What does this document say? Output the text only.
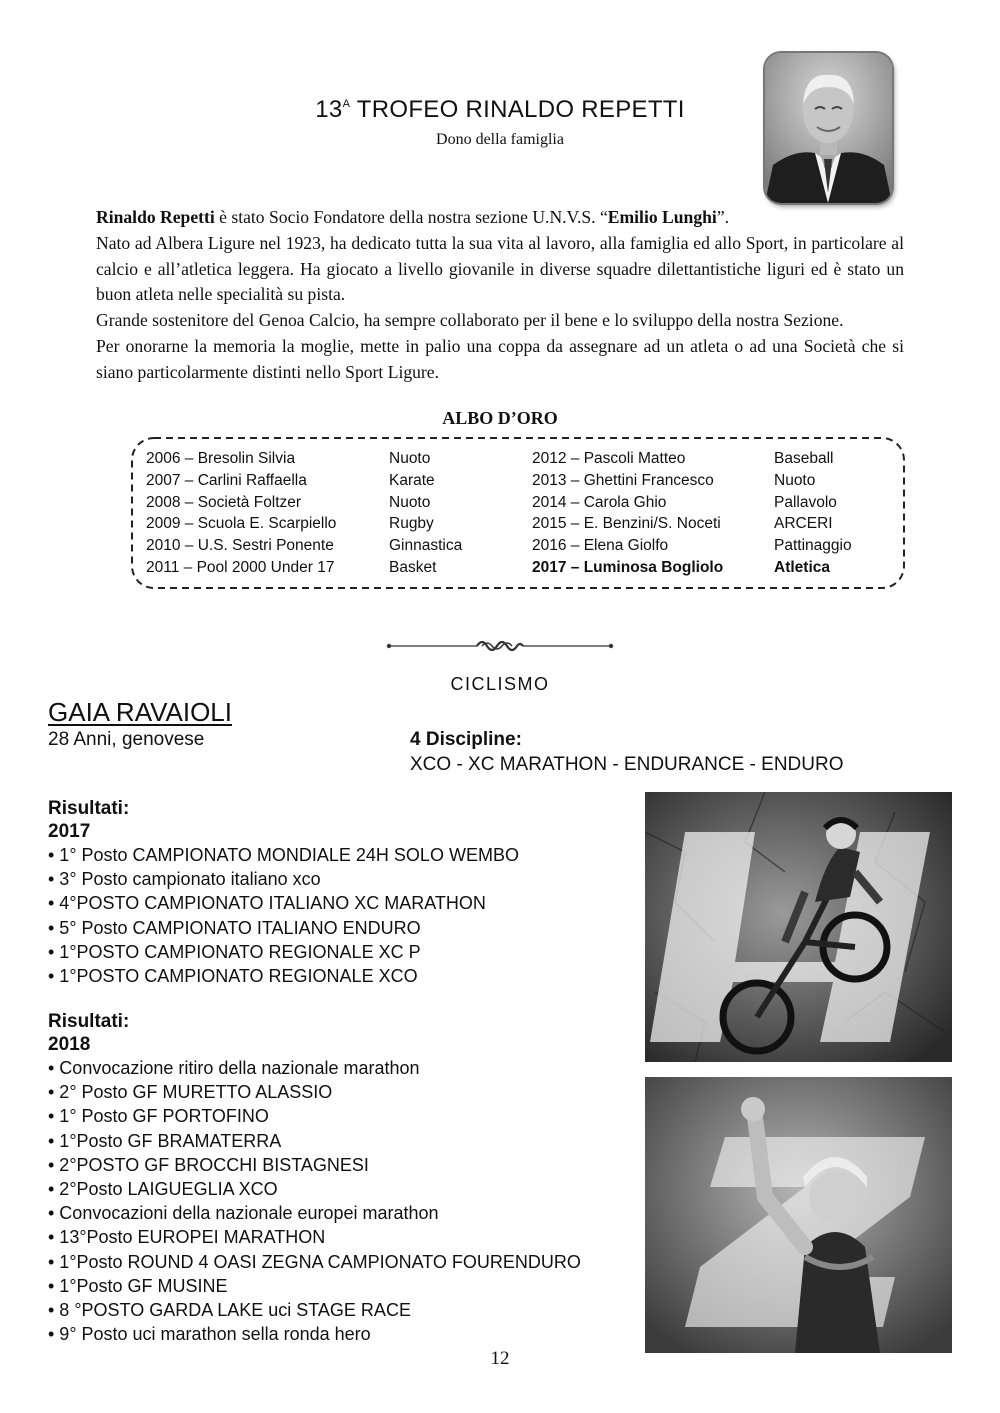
$13^A$ TROFEO RINALDO REPETTI
Dono della famiglia

Rinaldo Repetti è stato Socio Fondatore della nostra sezione U.N.V.S. “Emilio Lunghi”.

Nato ad Albera Ligure nel 1923, ha dedicato tutta la sua vita al lavoro, alla famiglia ed allo Sport, in particolare al calcio e all’atletica leggera. Ha giocato a livello giovanile in diverse squadre dilettantistiche liguri ed è stato un buon atleta nelle specialità su pista.

Grande sostenitore del Genoa Calcio, ha sempre collaborato per il bene e lo sviluppo della nostra Sezione.

Per onorarne la memoria la moglie, mette in palio una coppa da assegnare ad un atleta o ad una Società che si siano particolarmente distinti nello Sport Ligure.

ALBO D’ORO
2006 – Bresolin Silvia	Nuoto	2012 – Pascoli Matteo	Baseball
2007 – Carlini Raffaella	Karate	2013 – Ghettini Francesco	Nuoto
2008 – Società Foltzer	Nuoto	2014 – Carola Ghio	Pallavolo
2009 – Scuola E. Scarpiello	Rugby	2015 – E. Benzini/S. Noceti	ARCERI
2010 – U.S. Sestri Ponente	Ginnastica	2016 – Elena Giolfo	Pattinaggio
2011 – Pool 2000 Under 17	Basket	2017 – Luminosa Bogliolo	Atletica
CICLISMO
GAIA RAVAIOLI
28 Anni, genovese	4 Discipline:
XCO - XC MARATHON - ENDURANCE - ENDURO
Risultati:
2017
• 1° Posto CAMPIONATO MONDIALE 24H SOLO WEMBO
• 3° Posto campionato italiano xco
• 4°POSTO CAMPIONATO ITALIANO XC MARATHON
• 5° Posto CAMPIONATO ITALIANO ENDURO
• 1°POSTO CAMPIONATO REGIONALE XC P
• 1°POSTO CAMPIONATO REGIONALE XCO
Risultati:
2018
• Convocazione ritiro della nazionale marathon
• 2° Posto GF MURETTO ALASSIO
• 1° Posto GF PORTOFINO
• 1°Posto GF BRAMATERRA
• 2°POSTO GF BROCCHI BISTAGNESI
• 2°Posto LAIGUEGLIA XCO
• Convocazioni della nazionale europei marathon
• 13°Posto EUROPEI MARATHON
• 1°Posto ROUND 4 OASI ZEGNA CAMPIONATO FOURENDURO
• 1°Posto GF MUSINE
• 8 °POSTO GARDA LAKE uci STAGE RACE
• 9° Posto uci marathon sella ronda hero
12
